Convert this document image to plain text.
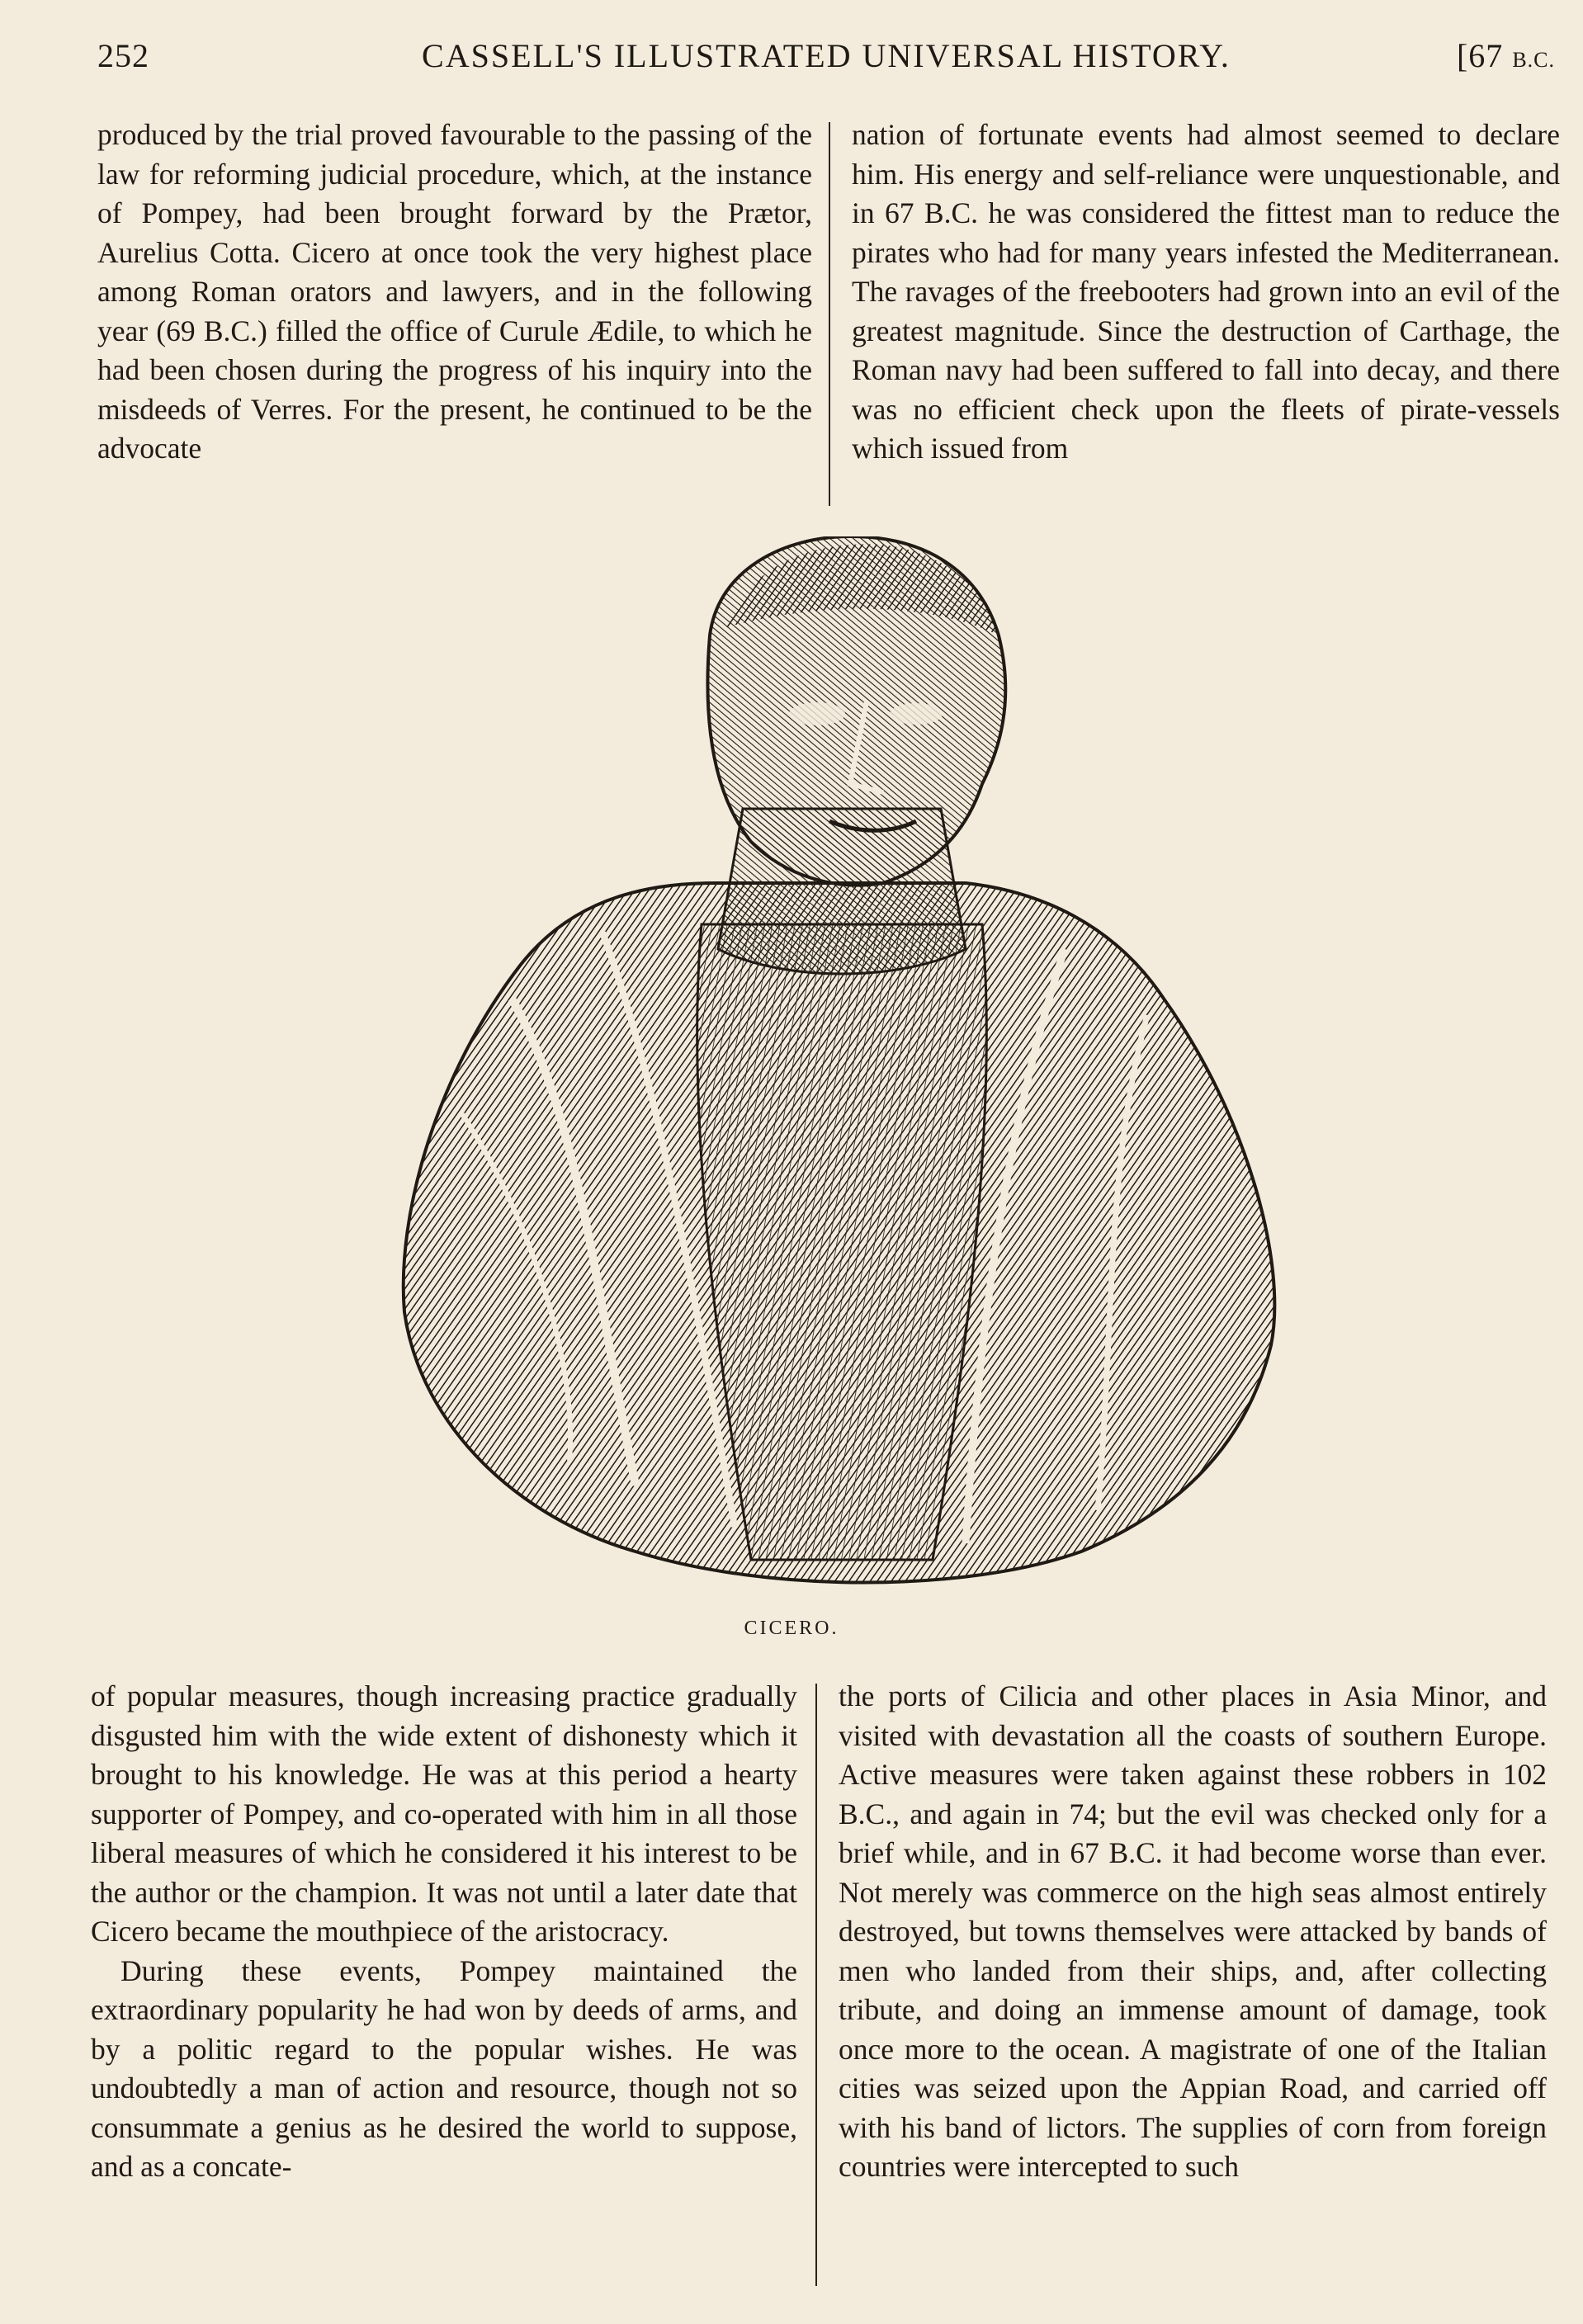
252	CASSELL'S ILLUSTRATED UNIVERSAL HISTORY.	[67 B.C.

produced by the trial proved favourable to the passing of the law for reforming judicial procedure, which, at the instance of Pompey, had been brought forward by the Prætor, Aurelius Cotta. Cicero at once took the very highest place among Roman orators and lawyers, and in the following year (69 B.C.) filled the office of Curule Ædile, to which he had been chosen during the progress of his inquiry into the misdeeds of Verres. For the present, he continued to be the advocate

nation of fortunate events had almost seemed to declare him. His energy and self-reliance were unquestionable, and in 67 B.C. he was considered the fittest man to reduce the pirates who had for many years infested the Mediterranean. The ravages of the freebooters had grown into an evil of the greatest magnitude. Since the destruction of Carthage, the Roman navy had been suffered to fall into decay, and there was no efficient check upon the fleets of pirate-vessels which issued from

CICERO.

of popular measures, though increasing practice gradually disgusted him with the wide extent of dishonesty which it brought to his knowledge. He was at this period a hearty supporter of Pompey, and co-operated with him in all those liberal measures of which he considered it his interest to be the author or the champion. It was not until a later date that Cicero became the mouthpiece of the aristocracy.

During these events, Pompey maintained the extraordinary popularity he had won by deeds of arms, and by a politic regard to the popular wishes. He was undoubtedly a man of action and resource, though not so consummate a genius as he desired the world to suppose, and as a concate-

the ports of Cilicia and other places in Asia Minor, and visited with devastation all the coasts of southern Europe. Active measures were taken against these robbers in 102 B.C., and again in 74; but the evil was checked only for a brief while, and in 67 B.C. it had become worse than ever. Not merely was commerce on the high seas almost entirely destroyed, but towns themselves were attacked by bands of men who landed from their ships, and, after collecting tribute, and doing an immense amount of damage, took once more to the ocean. A magistrate of one of the Italian cities was seized upon the Appian Road, and carried off with his band of lictors. The supplies of corn from foreign countries were intercepted to such
